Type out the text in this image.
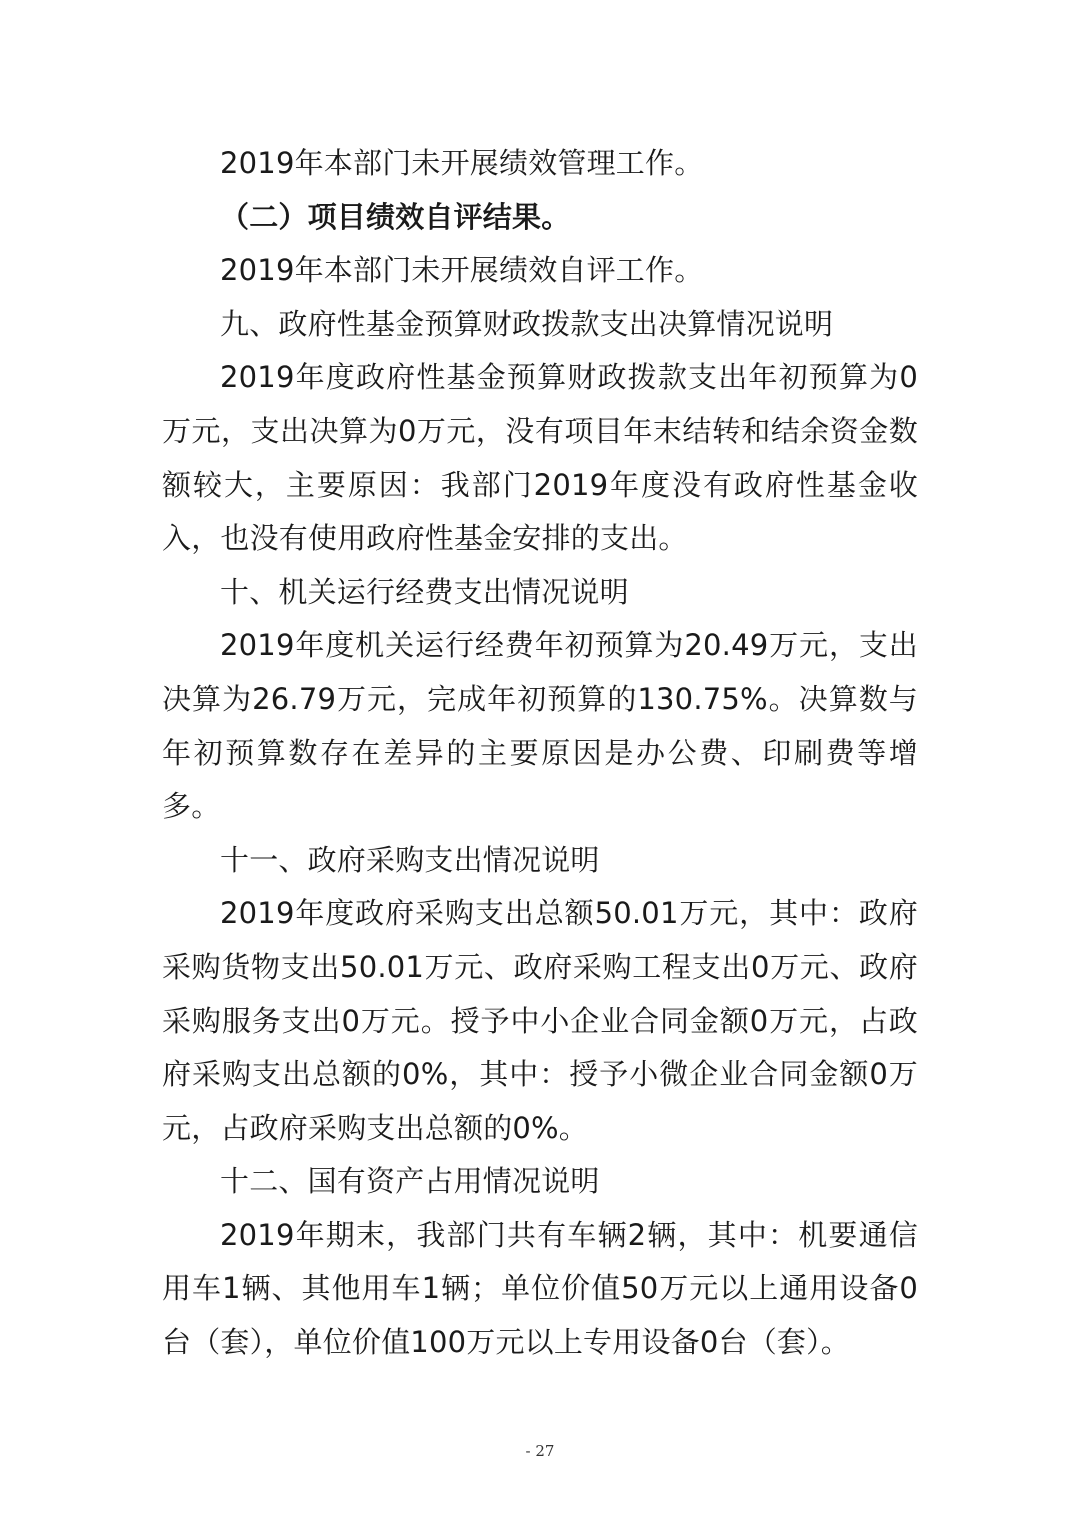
2019年本部门未开展绩效管理工作。

（二）项目绩效自评结果。

2019年本部门未开展绩效自评工作。

九、政府性基金预算财政拨款支出决算情况说明

2019年度政府性基金预算财政拨款支出年初预算为0万元，支出决算为0万元，没有项目年末结转和结余资金数额较大，主要原因：我部门2019年度没有政府性基金收入，也没有使用政府性基金安排的支出。

十、机关运行经费支出情况说明

2019年度机关运行经费年初预算为20.49万元，支出决算为26.79万元，完成年初预算的130.75%。决算数与年初预算数存在差异的主要原因是办公费、印刷费等增多。

十一、政府采购支出情况说明

2019年度政府采购支出总额50.01万元，其中：政府采购货物支出50.01万元、政府采购工程支出0万元、政府采购服务支出0万元。授予中小企业合同金额0万元，占政府采购支出总额的0%，其中：授予小微企业合同金额0万元，占政府采购支出总额的0%。

十二、国有资产占用情况说明

2019年期末，我部门共有车辆2辆，其中：机要通信用车1辆、其他用车1辆；单位价值50万元以上通用设备0台（套），单位价值100万元以上专用设备0台（套）。

- 27
